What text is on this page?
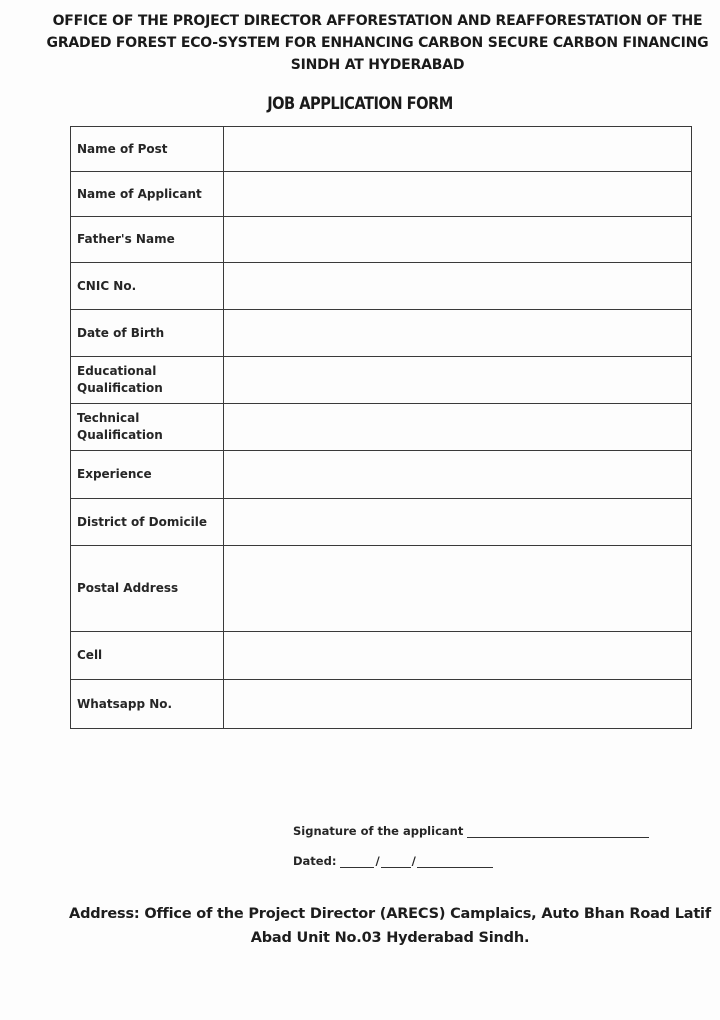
OFFICE OF THE PROJECT DIRECTOR AFFORESTATION AND REAFFORESTATION OF THE
GRADED FOREST ECO-SYSTEM FOR ENHANCING CARBON SECURE CARBON FINANCING
SINDH AT HYDERABAD
JOB APPLICATION FORM
Name of Post	
Name of Applicant	
Father's Name	
CNIC No.	
Date of Birth	
Educational Qualification	
Technical Qualification	
Experience	
District of Domicile	
Postal Address	
Cell	
Whatsapp No.	
Signature of the applicant
Dated:	/	/
Address: Office of the Project Director (ARECS) Camplaics, Auto Bhan Road Latif
Abad Unit No.03 Hyderabad Sindh.
